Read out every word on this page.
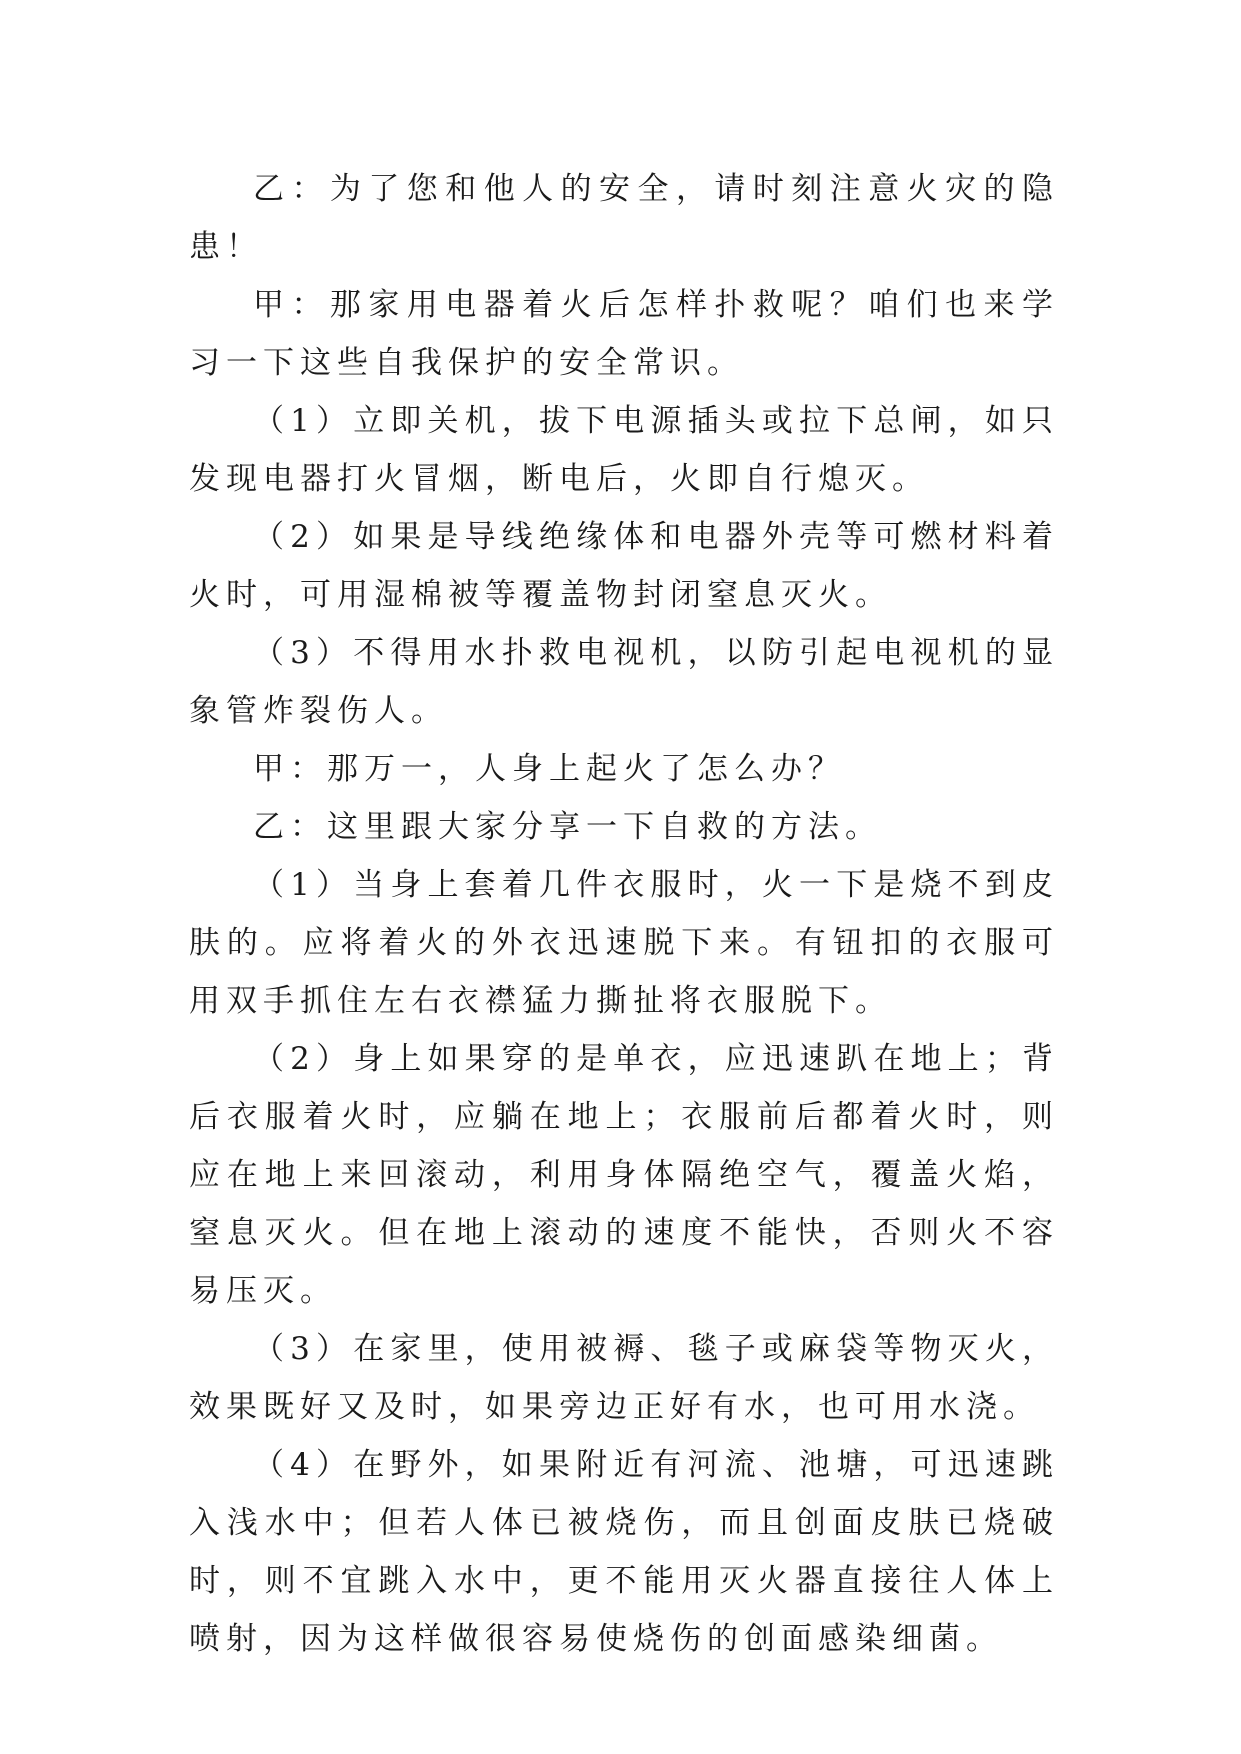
乙：为了您和他人的安全，请时刻注意火灾的隐患！

甲：那家用电器着火后怎样扑救呢？咱们也来学习一下这些自我保护的安全常识。

（1）立即关机，拔下电源插头或拉下总闸，如只发现电器打火冒烟，断电后，火即自行熄灭。

（2）如果是导线绝缘体和电器外壳等可燃材料着火时，可用湿棉被等覆盖物封闭窒息灭火。

（3）不得用水扑救电视机，以防引起电视机的显象管炸裂伤人。

甲：那万一，人身上起火了怎么办？

乙：这里跟大家分享一下自救的方法。

（1）当身上套着几件衣服时，火一下是烧不到皮肤的。应将着火的外衣迅速脱下来。有钮扣的衣服可用双手抓住左右衣襟猛力撕扯将衣服脱下。

（2）身上如果穿的是单衣，应迅速趴在地上；背后衣服着火时，应躺在地上；衣服前后都着火时，则应在地上来回滚动，利用身体隔绝空气，覆盖火焰，窒息灭火。但在地上滚动的速度不能快，否则火不容易压灭。

（3）在家里，使用被褥、毯子或麻袋等物灭火，效果既好又及时，如果旁边正好有水，也可用水浇。

（4）在野外，如果附近有河流、池塘，可迅速跳入浅水中；但若人体已被烧伤，而且创面皮肤已烧破时，则不宜跳入水中，更不能用灭火器直接往人体上喷射，因为这样做很容易使烧伤的创面感染细菌。
